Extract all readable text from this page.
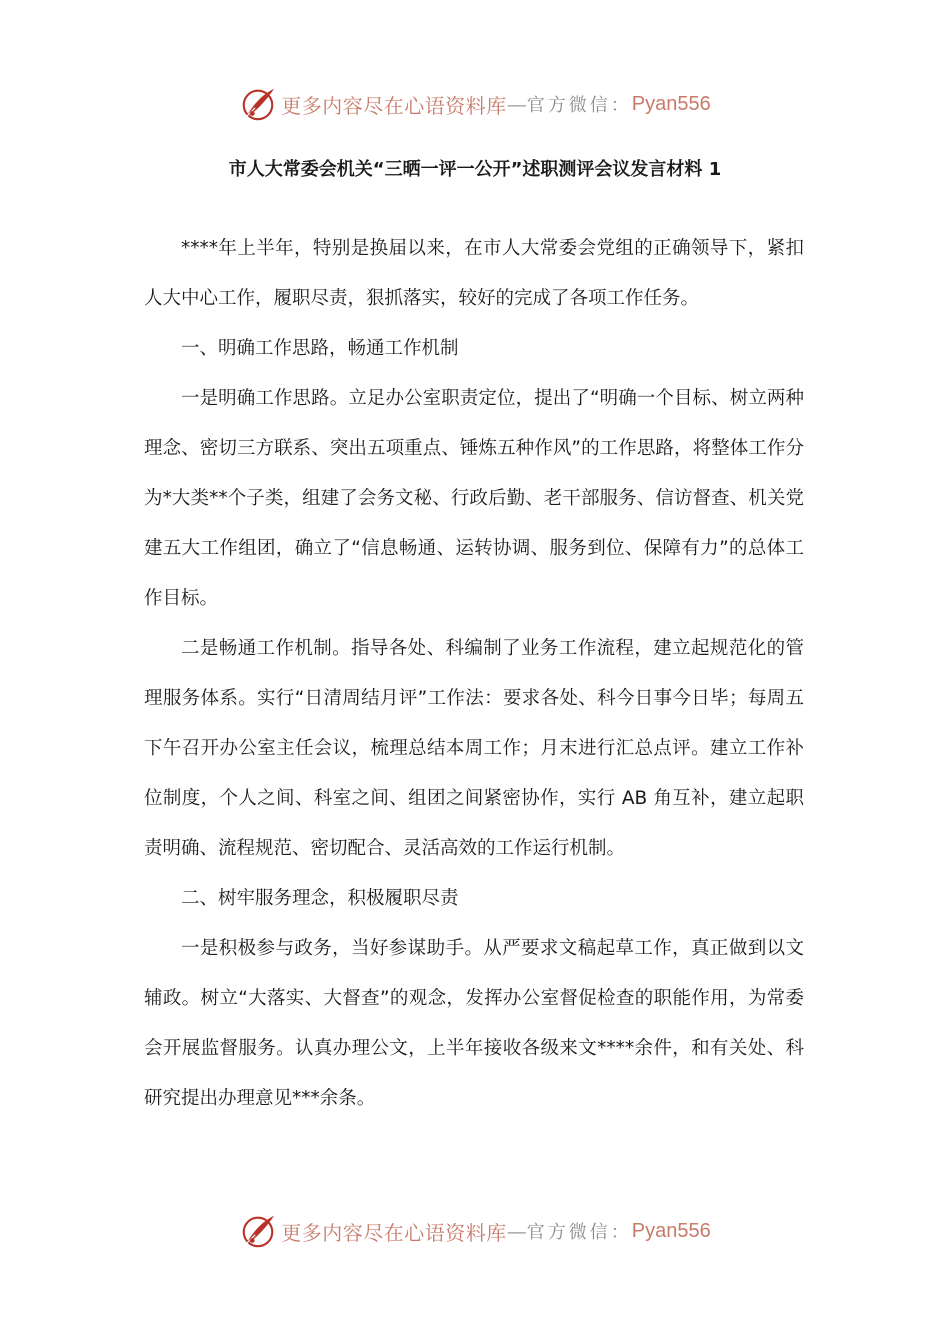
更多内容尽在心语资料库 — 官方微信： Pyan556
市人大常委会机关“三晒一评一公开”述职测评会议发言材料 1

****年上半年，特别是换届以来，在市人大常委会党组的正确领导下，紧扣人大中心工作，履职尽责，狠抓落实，较好的完成了各项工作任务。

一、明确工作思路，畅通工作机制

一是明确工作思路。立足办公室职责定位，提出了“明确一个目标、树立两种理念、密切三方联系、突出五项重点、锤炼五种作风”的工作思路，将整体工作分为*大类**个子类，组建了会务文秘、行政后勤、老干部服务、信访督查、机关党建五大工作组团，确立了“信息畅通、运转协调、服务到位、保障有力”的总体工作目标。

二是畅通工作机制。指导各处、科编制了业务工作流程，建立起规范化的管理服务体系。实行“日清周结月评”工作法：要求各处、科今日事今日毕；每周五下午召开办公室主任会议，梳理总结本周工作；月末进行汇总点评。建立工作补位制度，个人之间、科室之间、组团之间紧密协作，实行 AB 角互补，建立起职责明确、流程规范、密切配合、灵活高效的工作运行机制。

二、树牢服务理念，积极履职尽责

一是积极参与政务，当好参谋助手。从严要求文稿起草工作，真正做到以文辅政。树立“大落实、大督查”的观念，发挥办公室督促检查的职能作用，为常委会开展监督服务。认真办理公文，上半年接收各级来文****余件，和有关处、科研究提出办理意见***余条。

更多内容尽在心语资料库 — 官方微信： Pyan556
